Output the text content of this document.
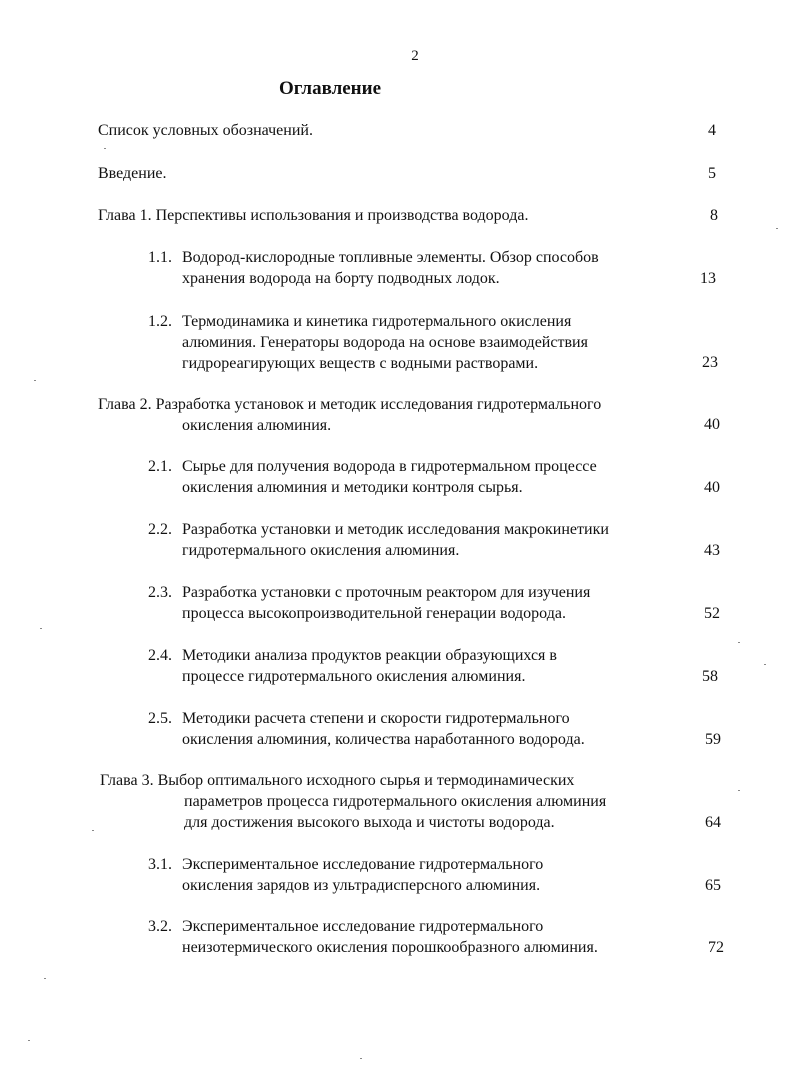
2
Оглавление
Список условных обозначений.	4
Введение.	5
Глава 1. Перспективы использования и производства водорода.	8
1.1. Водород-кислородные топливные элементы. Обзор способов
хранения водорода на борту подводных лодок.	13
1.2. Термодинамика и кинетика гидротермального окисления
алюминия. Генераторы водорода на основе взаимодействия
гидрореагирующих веществ с водными растворами.	23
Глава 2. Разработка установок и методик исследования гидротермального
окисления алюминия.	40
2.1. Сырье для получения водорода в гидротермальном процессе
окисления алюминия и методики контроля сырья.	40
2.2. Разработка установки и методик исследования макрокинетики
гидротермального окисления алюминия.	43
2.3. Разработка установки с проточным реактором для изучения
процесса высокопроизводительной генерации водорода.	52
2.4. Методики анализа продуктов реакции образующихся в
процессе гидротермального окисления алюминия.	58
2.5. Методики расчета степени и скорости гидротермального
окисления алюминия, количества наработанного водорода.	59
Глава 3. Выбор оптимального исходного сырья и термодинамических
параметров процесса гидротермального окисления алюминия
для достижения высокого выхода и чистоты водорода.	64
3.1. Экспериментальное исследование гидротермального
окисления зарядов из ультрадисперсного алюминия.	65
3.2. Экспериментальное исследование гидротермального
неизотермического окисления порошкообразного алюминия.	72
